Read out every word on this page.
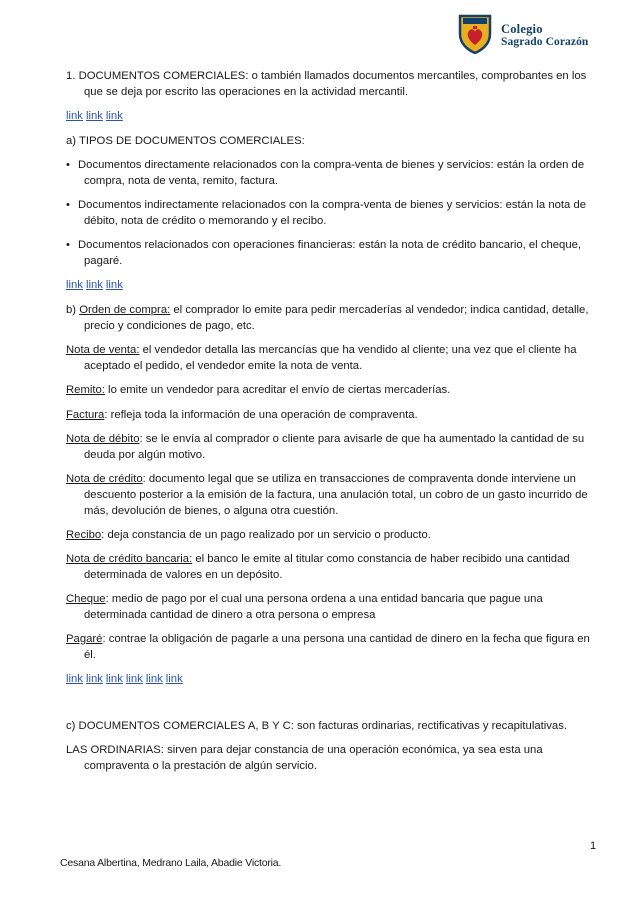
Colegio
Sagrado Corazón

1. DOCUMENTOS COMERCIALES: o también llamados documentos mercantiles, comprobantes en los que se deja por escrito las operaciones en la actividad mercantil.

link link link

a) TIPOS DE DOCUMENTOS COMERCIALES:

• Documentos directamente relacionados con la compra-venta de bienes y servicios: están la orden de compra, nota de venta, remito, factura.

• Documentos indirectamente relacionados con la compra-venta de bienes y servicios: están la nota de débito, nota de crédito o memorando y el recibo.

• Documentos relacionados con operaciones financieras: están la nota de crédito bancario, el cheque, pagaré.

link link link

b) Orden de compra: el comprador lo emite para pedir mercaderías al vendedor; indica cantidad, detalle, precio y condiciones de pago, etc.

Nota de venta: el vendedor detalla las mercancías que ha vendido al cliente; una vez que el cliente ha aceptado el pedido, el vendedor emite la nota de venta.

Remito: lo emite un vendedor para acreditar el envío de ciertas mercaderías.

Factura: refleja toda la información de una operación de compraventa.

Nota de débito: se le envía al comprador o cliente para avisarle de que ha aumentado la cantidad de su deuda por algún motivo.

Nota de crédito: documento legal que se utiliza en transacciones de compraventa donde interviene un descuento posterior a la emisión de la factura, una anulación total, un cobro de un gasto incurrido de más, devolución de bienes, o alguna otra cuestión.

Recibo: deja constancia de un pago realizado por un servicio o producto.

Nota de crédito bancaria: el banco le emite al titular como constancia de haber recibido una cantidad determinada de valores en un depósito.

Cheque: medio de pago por el cual una persona ordena a una entidad bancaria que pague una determinada cantidad de dinero a otra persona o empresa

Pagaré: contrae la obligación de pagarle a una persona una cantidad de dinero en la fecha que figura en él.

link link link link link link

c) DOCUMENTOS COMERCIALES A, B Y C: son facturas ordinarias, rectificativas y recapitulativas.

LAS ORDINARIAS: sirven para dejar constancia de una operación económica, ya sea esta una compraventa o la prestación de algún servicio.

1
Cesana Albertina, Medrano Laila, Abadie Victoria.
